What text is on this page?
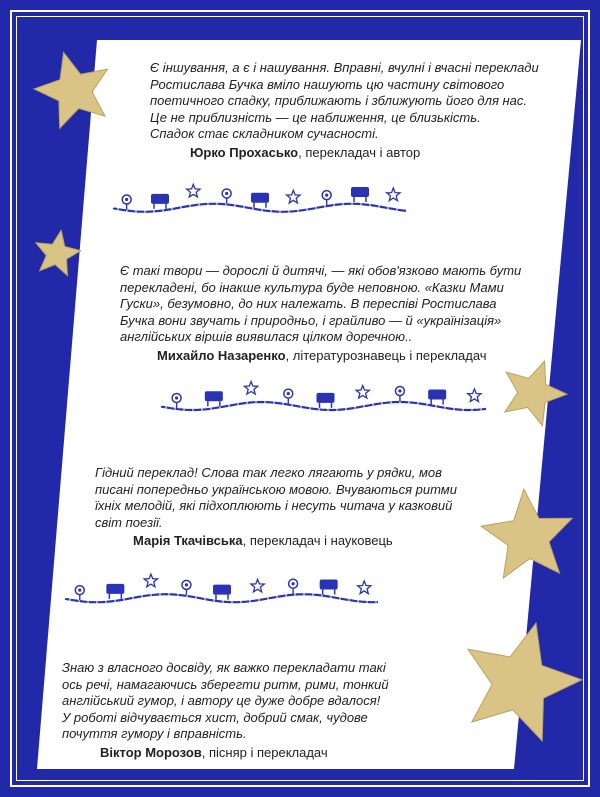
Є іншування, а є і нашування. Вправні, вчулні і вчасні переклади
Ростислава Бучка вміло нашують цю частину світового
поетичного спадку, приближають і зближують його для нас.
Це не приблизність — це наближення, це близькість.
Спадок стає складником сучасності.
Юрко Прохасько, перекладач і автор
Є такі твори — дорослі й дитячі, — які обов'язково мають бути
перекладені, бо інакше культура буде неповною. «Казки Мами
Гуски», безумовно, до них належать. В переспіві Ростислава
Бучка вони звучать і природньо, і грайливо — й «українізація»
англійських віршів виявилася цілком доречною..
Михайло Назаренко, літературознавець і перекладач
Гідний переклад! Слова так легко лягають у рядки, мов
писані попередньо українською мовою. Вчуваються ритми
їхніх мелодій, які підхоплюють і несуть читача у казковий
світ поезії.
Марія Ткачівська, перекладач і науковець
Знаю з власного досвіду, як важко перекладати такі
ось речі, намагаючись зберегти ритм, рими, тонкий
англійський гумор, і автору це дуже добре вдалося!
У роботі відчувається хист, добрий смак, чудове
почуття гумору і вправність.
Віктор Морозов, пісняр і перекладач
